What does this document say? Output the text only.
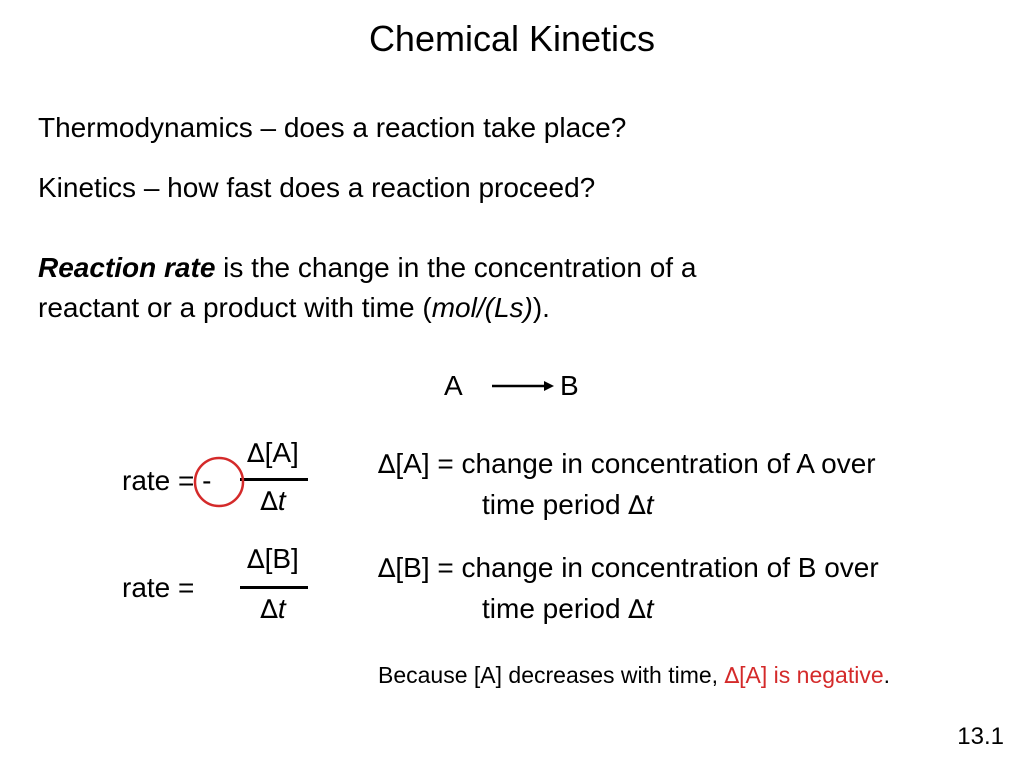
Chemical Kinetics
Thermodynamics – does a reaction take place?
Kinetics – how fast does a reaction proceed?
Reaction rate is the change in the concentration of a
reactant or a product with time (mol/(Ls)).
A	B
rate = -
∆[A]
∆t
rate =
∆[B]
∆t
∆[A] = change in concentration of A over
time period ∆t
∆[B] = change in concentration of B over
time period ∆t
Because [A] decreases with time, ∆[A] is negative.
13.1
